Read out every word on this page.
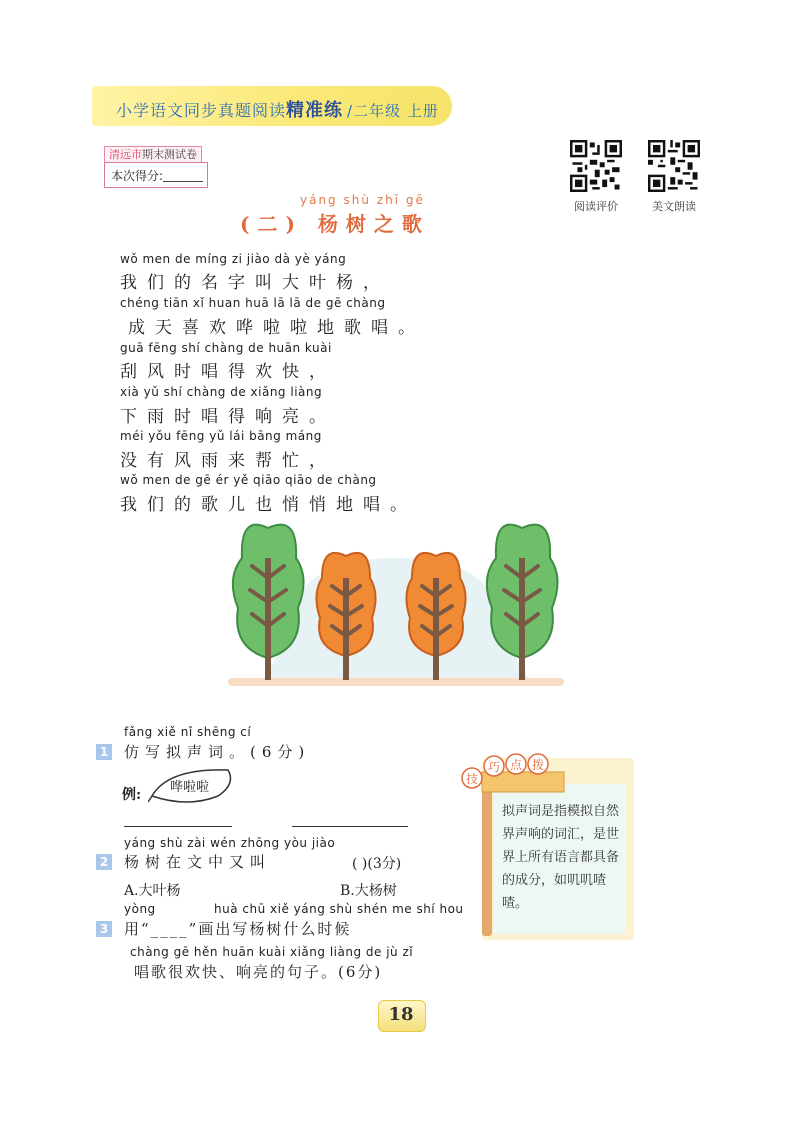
小学语文同步真题阅读精准练 /二年级 上册
清远市期末测试卷
本次得分:
阅读评价	美文朗读
yáng shù zhī gē
(二) 杨树之歌
wǒ men de míng zi jiào dà yè yáng
我们的名字叫大叶杨，
chéng tiān xǐ huan huā lā lā de gē chàng
成天喜欢哗啦啦地歌唱。
guā fēng shí chàng de huān kuài
刮风时唱得欢快，
xià yǔ shí chàng de xiǎng liàng
下雨时唱得响亮。
méi yǒu fēng yǔ lái bāng máng
没有风雨来帮忙，
wǒ men de gē ér yě qiāo qiāo de chàng
我们的歌儿也悄悄地唱。
fǎng xiě nǐ shēng cí
1 仿写拟声词。(6分)
例: 哗啦啦
yáng shù zài wén zhōng yòu jiào
2 杨树在文中又叫	( )(3分)
A.大叶杨	B.大杨树
yòng	huà chū xiě yáng shù shén me shí hou
3 用“____”画出写杨树什么时候
chàng gē hěn huān kuài xiǎng liàng de jù zǐ
唱歌很欢快、响亮的句子。(6分)
技
巧 点 拨
拟声词是指模拟自然界声响的词汇，是世界上所有语言都具备的成分，如叽叽喳喳。
18
